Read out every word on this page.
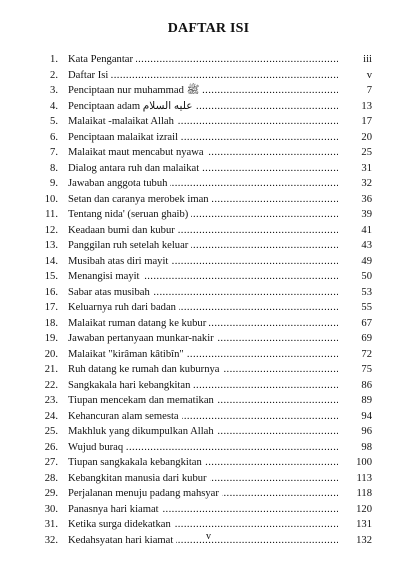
DAFTAR ISI
1. Kata Pengantar .....	iii
2. Daftar Isi .....	v
3. Penciptaan nur muhammad ﷺ .....	7
4. Penciptaan adam عليه السلام .....	13
5. Malaikat -malaikat Allah .....	17
6. Penciptaan malaikat izrail .....	20
7. Malaikat maut mencabut nyawa .....	25
8. Dialog antara ruh dan malaikat .....	31
9. Jawaban anggota tubuh .....	32
10. Setan dan caranya merobek iman .....	36
11. Tentang nida' (seruan ghaib) .....	39
12. Keadaan bumi dan kubur .....	41
13. Panggilan ruh setelah keluar .....	43
14. Musibah atas diri mayit .....	49
15. Menangisi mayit .....	50
16. Sabar atas musibah .....	53
17. Keluarnya ruh dari badan .....	55
18. Malaikat ruman datang ke kubur .....	67
19. Jawaban pertanyaan munkar-nakir .....	69
20. Malaikat "kirâman kâtibîn" .....	72
21. Ruh datang ke rumah dan kuburnya .....	75
22. Sangkakala hari kebangkitan .....	86
23. Tiupan mencekam dan mematikan .....	89
24. Kehancuran alam semesta .....	94
25. Makhluk yang dikumpulkan Allah .....	96
26. Wujud buraq .....	98
27. Tiupan sangkakala kebangkitan .....	100
28. Kebangkitan manusia dari kubur .....	113
29. Perjalanan menuju padang mahsyar .....	118
30. Panasnya hari kiamat .....	120
31. Ketika surga didekatkan .....	131
32. Kedahsyatan hari kiamat .....	132
v
